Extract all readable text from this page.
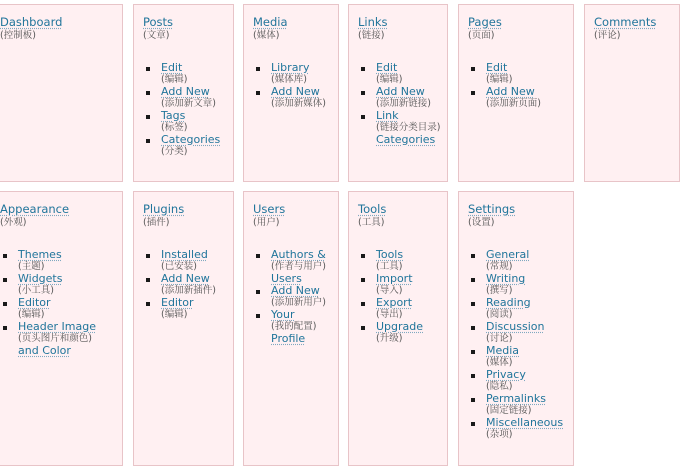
Dashboard
(控制板)
Posts
(文章)
Edit
(编辑)
Add New
(添加新文章)
Tags
(标签)
Categories
(分类)
Media
(媒体)
Library
(媒体库)
Add New
(添加新媒体)
Links
(链接)
Edit
(编辑)
Add New
(添加新链接)
Link
(链接分类目录)
Categories
Pages
(页面)
Edit
(编辑)
Add New
(添加新页面)
Comments
(评论)
Appearance
(外观)
Themes
(主题)
Widgets
(小工具)
Editor
(编辑)
Header Image
(页头图片和颜色)
and Color
Plugins
(插件)
Installed
(已安装)
Add New
(添加新插件)
Editor
(编辑)
Users
(用户)
Authors &
(作者与用户)
Users
Add New
(添加新用户)
Your
(我的配置)
Profile
Tools
(工具)
Tools
(工具)
Import
(导入)
Export
(导出)
Upgrade
(升级)
Settings
(设置)
General
(常规)
Writing
(撰写)
Reading
(阅读)
Discussion
(讨论)
Media
(媒体)
Privacy
(隐私)
Permalinks
(固定链接)
Miscellaneous
(杂项)
